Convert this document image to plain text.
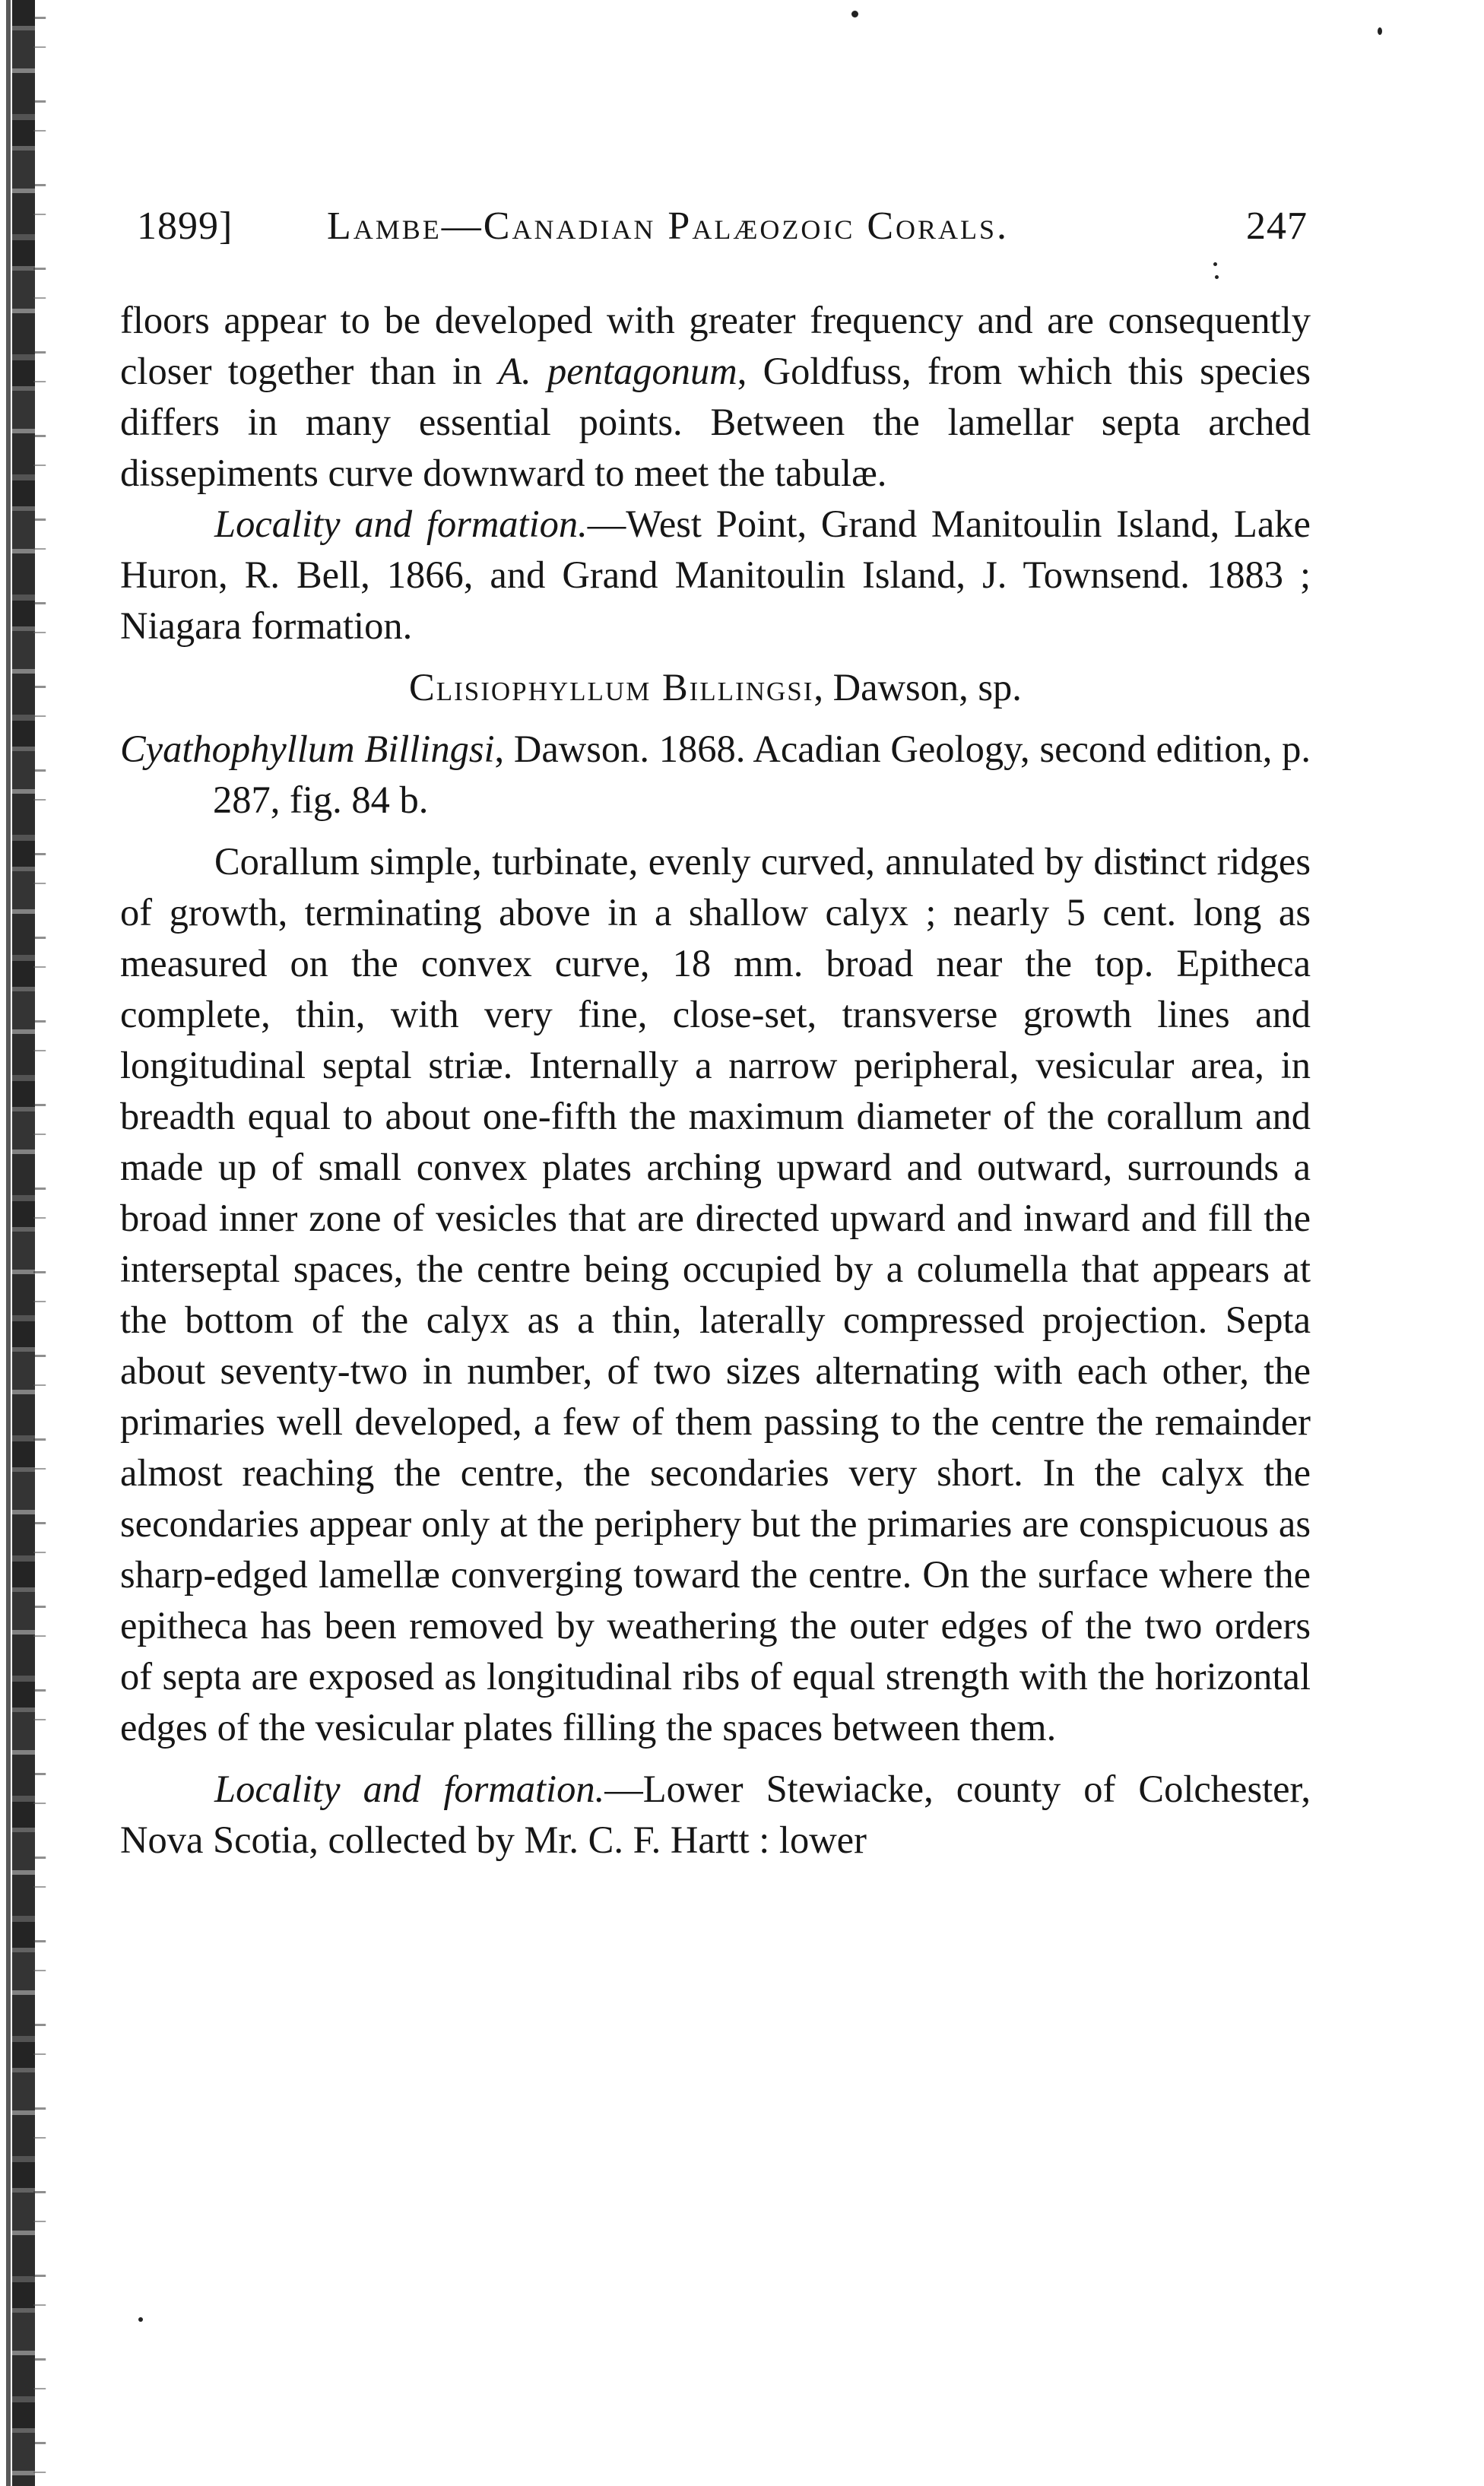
1899] Lambe—Canadian Palæozoic Corals.	247

floors appear to be developed with greater frequency and are consequently closer together than in A. pentagonum, Goldfuss, from which this species differs in many essential points. Between the lamellar septa arched dissepiments curve downward to meet the tabulæ.

Locality and formation.—West Point, Grand Manitoulin Island, Lake Huron, R. Bell, 1866, and Grand Manitoulin Island, J. Townsend. 1883 ; Niagara formation.

Clisiophyllum Billingsi, Dawson, sp.

Cyathophyllum Billingsi, Dawson. 1868. Acadian Geology, second edition, p. 287, fig. 84 b.

Corallum simple, turbinate, evenly curved, annulated by distinct ridges of growth, terminating above in a shallow calyx ; nearly 5 cent. long as measured on the convex curve, 18 mm. broad near the top. Epitheca complete, thin, with very fine, close-set, transverse growth lines and longitudinal septal striæ. Internally a narrow peripheral, vesicular area, in breadth equal to about one-fifth the maximum diameter of the corallum and made up of small convex plates arching upward and outward, surrounds a broad inner zone of vesicles that are directed upward and inward and fill the interseptal spaces, the centre being occupied by a columella that appears at the bottom of the calyx as a thin, laterally compressed projection. Septa about seventy-two in number, of two sizes alternating with each other, the primaries well developed, a few of them passing to the centre the remainder almost reaching the centre, the secondaries very short. In the calyx the secondaries appear only at the periphery but the primaries are conspicuous as sharp-edged lamellæ converging toward the centre. On the surface where the epitheca has been removed by weathering the outer edges of the two orders of septa are exposed as longitudinal ribs of equal strength with the horizontal edges of the vesicular plates filling the spaces between them.

Locality and formation.—Lower Stewiacke, county of Colchester, Nova Scotia, collected by Mr. C. F. Hartt : lower
